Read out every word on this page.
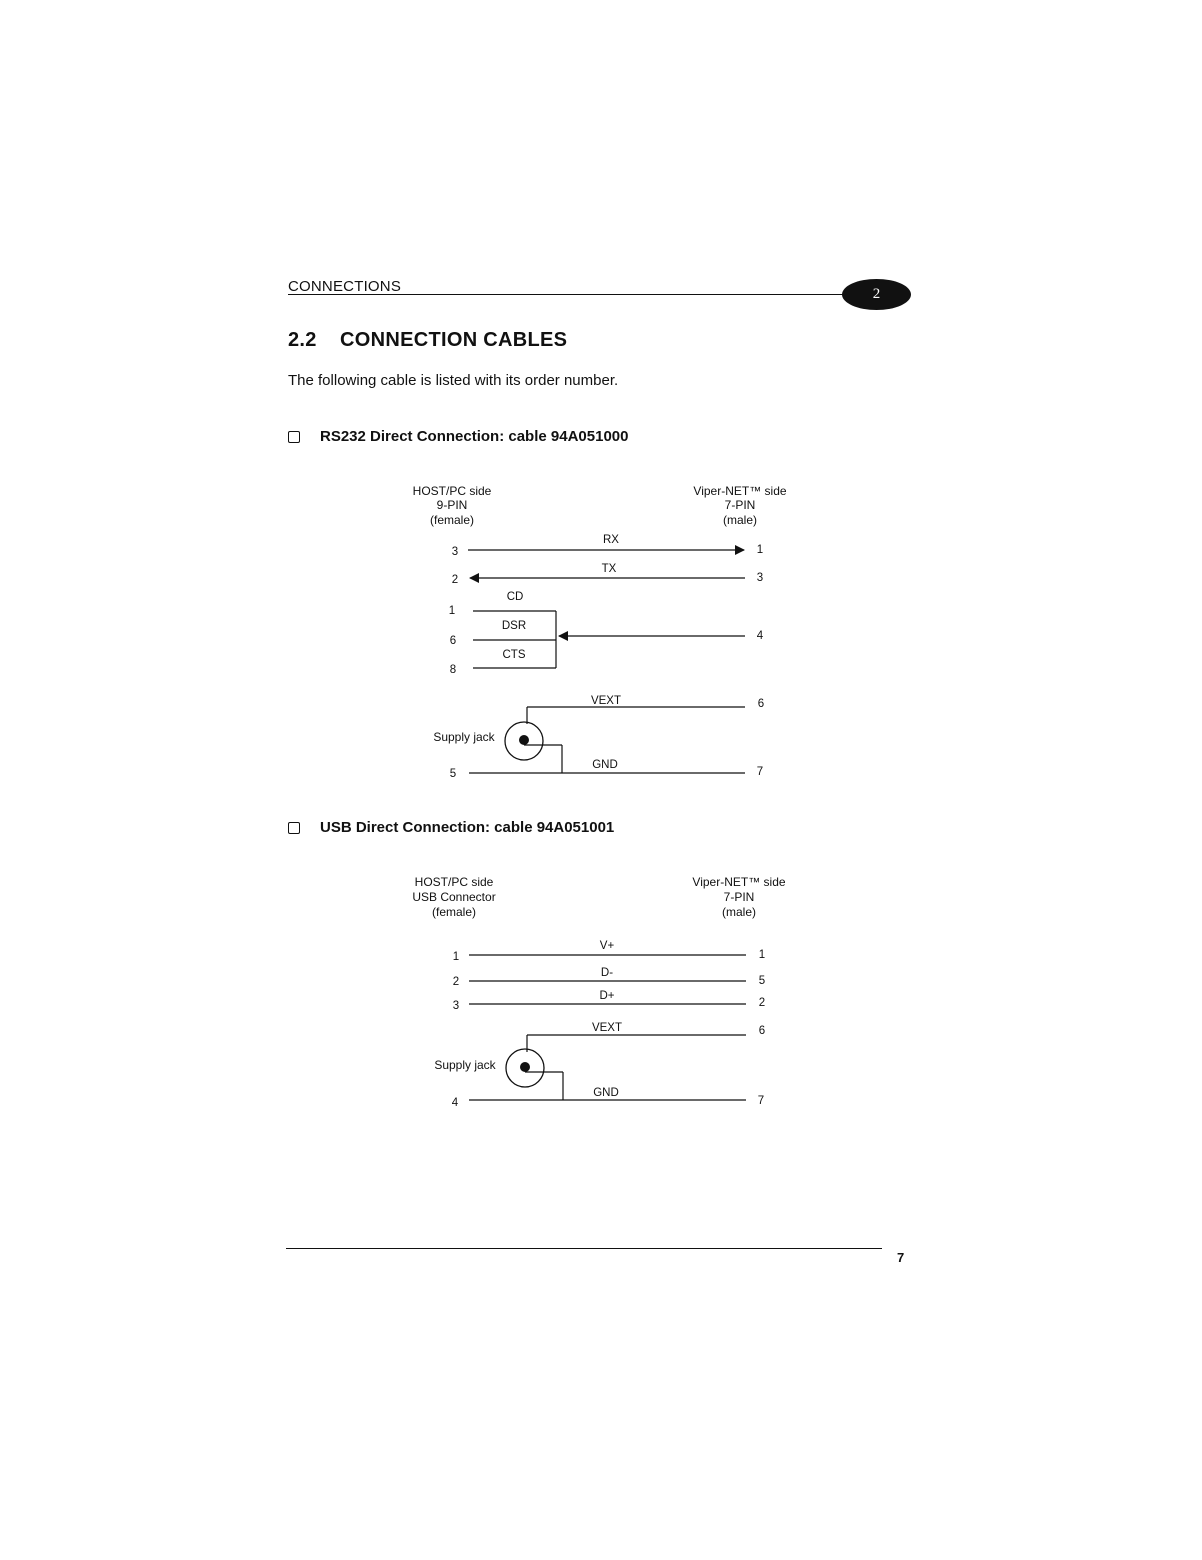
CONNECTIONS	2
2.2 CONNECTION CABLES
The following cable is listed with its order number.
RS232 Direct Connection: cable 94A051000
USB Direct Connection: cable 94A051001
HOST/PC side
9-PIN
(female)
Viper-NET™ side
7-PIN
(male)
RX
3	1
TX
2	3
CD
1
DSR
6
CTS
8
4
VEXT	6
Supply jack
GND
5	7
HOST/PC side
USB Connector
(female)
Viper-NET™ side
7-PIN
(male)
V+
1	1
D-
2	5
D+
3	2
VEXT	6
Supply jack
GND
4	7
7
